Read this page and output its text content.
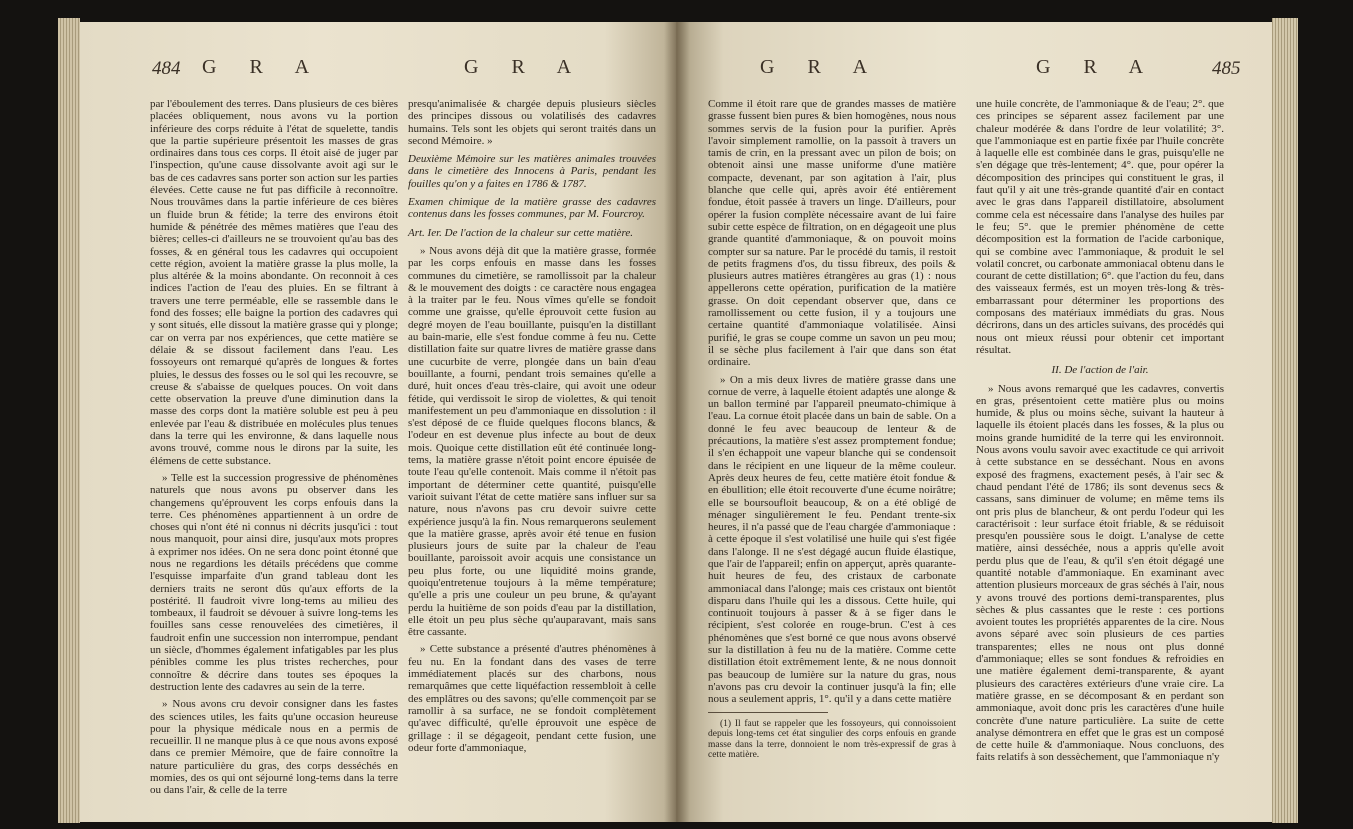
484 G R A	G R A

par l'éboulement des terres. Dans plusieurs de ces bières placées obliquement, nous avons vu la portion inférieure des corps réduite à l'état de squelette, tandis que la partie supérieure présentoit les masses de gras ordinaires dans tous ces corps. Il étoit aisé de juger par l'inspection, qu'une cause dissolvante avoit agi sur le bas de ces cadavres sans porter son action sur les parties élevées. Cette cause ne fut pas difficile à reconnoître. Nous trouvâmes dans la partie inférieure de ces bières un fluide brun & fétide; la terre des environs étoit humide & pénétrée des mêmes matières que l'eau des bières; celles-ci d'ailleurs ne se trouvoient qu'au bas des fosses, & en général tous les cadavres qui occupoient cette région, avoient la matière grasse la plus molle, la plus altérée & la moins abondante. On reconnoit à ces indices l'action de l'eau des pluies. En se filtrant à travers une terre perméable, elle se rassemble dans le fond des fosses; elle baigne la portion des cadavres qui y sont situés, elle dissout la matière grasse qui y plonge; car on verra par nos expériences, que cette matière se délaie & se dissout facilement dans l'eau. Les fossoyeurs ont remarqué qu'après de longues & fortes pluies, le dessus des fosses ou le sol qui les recouvre, se creuse & s'abaisse de quelques pouces. On voit dans cette observation la preuve d'une diminution dans la masse des corps dont la matière soluble est peu à peu enlevée par l'eau & distribuée en molécules plus tenues dans la terre qui les environne, & dans laquelle nous avons trouvé, comme nous le dirons par la suite, les élémens de cette substance.

» Telle est la succession progressive de phénomènes naturels que nous avons pu observer dans les changemens qu'éprouvent les corps enfouis dans la terre. Ces phénomènes appartiennent à un ordre de choses qui n'ont été ni connus ni décrits jusqu'ici : tout nous manquoit, pour ainsi dire, jusqu'aux mots propres à exprimer nos idées. On ne sera donc point étonné que nous ne regardions les détails précédens que comme l'esquisse imparfaite d'un grand tableau dont les derniers traits ne seront dûs qu'aux efforts de la postérité. Il faudroit vivre long-tems au milieu des tombeaux, il faudroit se dévouer à suivre long-tems les fouilles sans cesse renouvelées des cimetières, il faudroit enfin une succession non interrompue, pendant un siècle, d'hommes également infatigables par les plus pénibles comme les plus tristes recherches, pour connoître & décrire dans toutes ses époques la destruction lente des cadavres au sein de la terre.

» Nous avons cru devoir consigner dans les fastes des sciences utiles, les faits qu'une occasion heureuse pour la physique médicale nous en a permis de recueillir. Il ne manque plus à ce que nous avons exposé dans ce premier Mémoire, que de faire connoître la nature particulière du gras, des corps desséchés en momies, des os qui ont séjourné long-tems dans la terre ou dans l'air, & celle de la terre

presqu'animalisée & chargée depuis plusieurs siècles des principes dissous ou volatilisés des cadavres humains. Tels sont les objets qui seront traités dans un second Mémoire. »

Deuxième Mémoire sur les matières animales trouvées dans le cimetière des Innocens à Paris, pendant les fouilles qu'on y a faites en 1786 & 1787.

Examen chimique de la matière grasse des cadavres contenus dans les fosses communes, par M. Fourcroy.

Art. Ier. De l'action de la chaleur sur cette matière.

» Nous avons déjà dit que la matière grasse, formée par les corps enfouis en masse dans les fosses communes du cimetière, se ramollissoit par la chaleur & le mouvement des doigts : ce caractère nous engagea à la traiter par le feu. Nous vîmes qu'elle se fondoit comme une graisse, qu'elle éprouvoit cette fusion au degré moyen de l'eau bouillante, puisqu'en la distillant au bain-marie, elle s'est fondue comme à feu nu. Cette distillation faite sur quatre livres de matière grasse dans une cucurbite de verre, plongée dans un bain d'eau bouillante, a fourni, pendant trois semaines qu'elle a duré, huit onces d'eau très-claire, qui avoit une odeur fétide, qui verdissoit le sirop de violettes, & qui tenoit manifestement un peu d'ammoniaque en dissolution : il s'est déposé de ce fluide quelques flocons blancs, & l'odeur en est devenue plus infecte au bout de deux mois. Quoique cette distillation eût été continuée long-tems, la matière grasse n'étoit point encore épuisée de toute l'eau qu'elle contenoit. Mais comme il n'étoit pas important de déterminer cette quantité, puisqu'elle varioit suivant l'état de cette matière sans influer sur sa nature, nous n'avons pas cru devoir suivre cette expérience jusqu'à la fin. Nous remarquerons seulement que la matière grasse, après avoir été tenue en fusion plusieurs jours de suite par la chaleur de l'eau bouillante, paroissoit avoir acquis une consistance un peu plus forte, ou une liquidité moins grande, quoiqu'entretenue toujours à la même température; qu'elle a pris une couleur un peu brune, & qu'ayant perdu la huitième de son poids d'eau par la distillation, elle étoit un peu plus sèche qu'auparavant, mais sans être cassante.

» Cette substance a présenté d'autres phénomènes à feu nu. En la fondant dans des vases de terre immédiatement placés sur des charbons, nous remarquâmes que cette liquéfaction ressembloit à celle des emplâtres ou des savons; qu'elle commençoit par se ramollir à sa surface, ne se fondoit complètement qu'avec difficulté, qu'elle éprouvoit une espèce de grillage : il se dégageoit, pendant cette fusion, une odeur forte d'ammoniaque,

G R A	G R A	485

Comme il étoit rare que de grandes masses de matière grasse fussent bien pures & bien homogènes, nous nous sommes servis de la fusion pour la purifier. Après l'avoir simplement ramollie, on la passoit à travers un tamis de crin, en la pressant avec un pilon de bois; on obtenoit ainsi une masse uniforme d'une matière compacte, devenant, par son agitation à l'air, plus blanche que celle qui, après avoir été entièrement fondue, étoit passée à travers un linge. D'ailleurs, pour opérer la fusion complète nécessaire avant de lui faire subir cette espèce de filtration, on en dégageoit une plus grande quantité d'ammoniaque, & on pouvoit moins compter sur sa nature. Par le procédé du tamis, il restoit de petits fragmens d'os, du tissu fibreux, des poils & plusieurs autres matières étrangères au gras (1) : nous appellerons cette opération, purification de la matière grasse. On doit cependant observer que, dans ce ramollissement ou cette fusion, il y a toujours une certaine quantité d'ammoniaque volatilisée. Ainsi purifié, le gras se coupe comme un savon un peu mou; il se sèche plus facilement à l'air que dans son état ordinaire.

» On a mis deux livres de matière grasse dans une cornue de verre, à laquelle étoient adaptés une alonge & un ballon terminé par l'appareil pneumato-chimique à l'eau. La cornue étoit placée dans un bain de sable. On a donné le feu avec beaucoup de lenteur & de précautions, la matière s'est assez promptement fondue; il s'en échappoit une vapeur blanche qui se condensoit dans le récipient en une liqueur de la même couleur. Après deux heures de feu, cette matière étoit fondue & en ébullition; elle étoit recouverte d'une écume noirâtre; elle se boursoufloit beaucoup, & on a été obligé de ménager singulièrement le feu. Pendant trente-six heures, il n'a passé que de l'eau chargée d'ammoniaque : à cette époque il s'est volatilisé une huile qui s'est figée dans l'alonge. Il ne s'est dégagé aucun fluide élastique, que l'air de l'appareil; enfin on apperçut, après quarante-huit heures de feu, des cristaux de carbonate ammoniacal dans l'alonge; mais ces cristaux ont bientôt disparu dans l'huile qui les a dissous. Cette huile, qui continuoit toujours à passer & à se figer dans le récipient, s'est colorée en rouge-brun. C'est à ces phénomènes que s'est borné ce que nous avons observé sur la distillation à feu nu de la matière. Comme cette distillation étoit extrêmement lente, & ne nous donnoit pas beaucoup de lumière sur la nature du gras, nous n'avons pas cru devoir la continuer jusqu'à la fin; elle nous a seulement appris, 1°. qu'il y a dans cette matière

(1) Il faut se rappeler que les fossoyeurs, qui connoissoient depuis long-tems cet état singulier des corps enfouis en grande masse dans la terre, donnoient le nom très-expressif de gras à cette matière.

une huile concrète, de l'ammoniaque & de l'eau; 2°. que ces principes se séparent assez facilement par une chaleur modérée & dans l'ordre de leur volatilité; 3°. que l'ammoniaque est en partie fixée par l'huile concrète à laquelle elle est combinée dans le gras, puisqu'elle ne s'en dégage que très-lentement; 4°. que, pour opérer la décomposition des principes qui constituent le gras, il faut qu'il y ait une très-grande quantité d'air en contact avec le gras dans l'appareil distillatoire, absolument comme cela est nécessaire dans l'analyse des huiles par le feu; 5°. que le premier phénomène de cette décomposition est la formation de l'acide carbonique, qui se combine avec l'ammoniaque, & produit le sel volatil concret, ou carbonate ammoniacal obtenu dans le courant de cette distillation; 6°. que l'action du feu, dans des vaisseaux fermés, est un moyen très-long & très-embarrassant pour déterminer les proportions des composans des matériaux immédiats du gras. Nous décrirons, dans un des articles suivans, des procédés qui nous ont mieux réussi pour obtenir cet important résultat.

II. De l'action de l'air.

» Nous avons remarqué que les cadavres, convertis en gras, présentoient cette matière plus ou moins humide, & plus ou moins sèche, suivant la hauteur à laquelle ils étoient placés dans les fosses, & la plus ou moins grande humidité de la terre qui les environnoit. Nous avons voulu savoir avec exactitude ce qui arrivoit à cette substance en se desséchant. Nous en avons exposé des fragmens, exactement pesés, à l'air sec & chaud pendant l'été de 1786; ils sont devenus secs & cassans, sans diminuer de volume; en même tems ils ont pris plus de blancheur, & ont perdu l'odeur qui les caractérisoit : leur surface étoit friable, & se réduisoit presqu'en poussière sous le doigt. L'analyse de cette matière, ainsi desséchée, nous a appris qu'elle avoit perdu plus que de l'eau, & qu'il s'en étoit dégagé une quantité notable d'ammoniaque. En examinant avec attention plusieurs morceaux de gras séchés à l'air, nous y avons trouvé des portions demi-transparentes, plus sèches & plus cassantes que le reste : ces portions avoient toutes les propriétés apparentes de la cire. Nous avons séparé avec soin plusieurs de ces parties transparentes; elles ne nous ont plus donné d'ammoniaque; elles se sont fondues & refroidies en une matière également demi-transparente, & ayant plusieurs des caractères extérieurs d'une vraie cire. La matière grasse, en se décomposant & en perdant son ammoniaque, avoit donc pris les caractères d'une huile concrète d'une nature particulière. La suite de cette analyse démontrera en effet que le gras est un composé de cette huile & d'ammoniaque. Nous concluons, des faits relatifs à son dessèchement, que l'ammoniaque n'y
